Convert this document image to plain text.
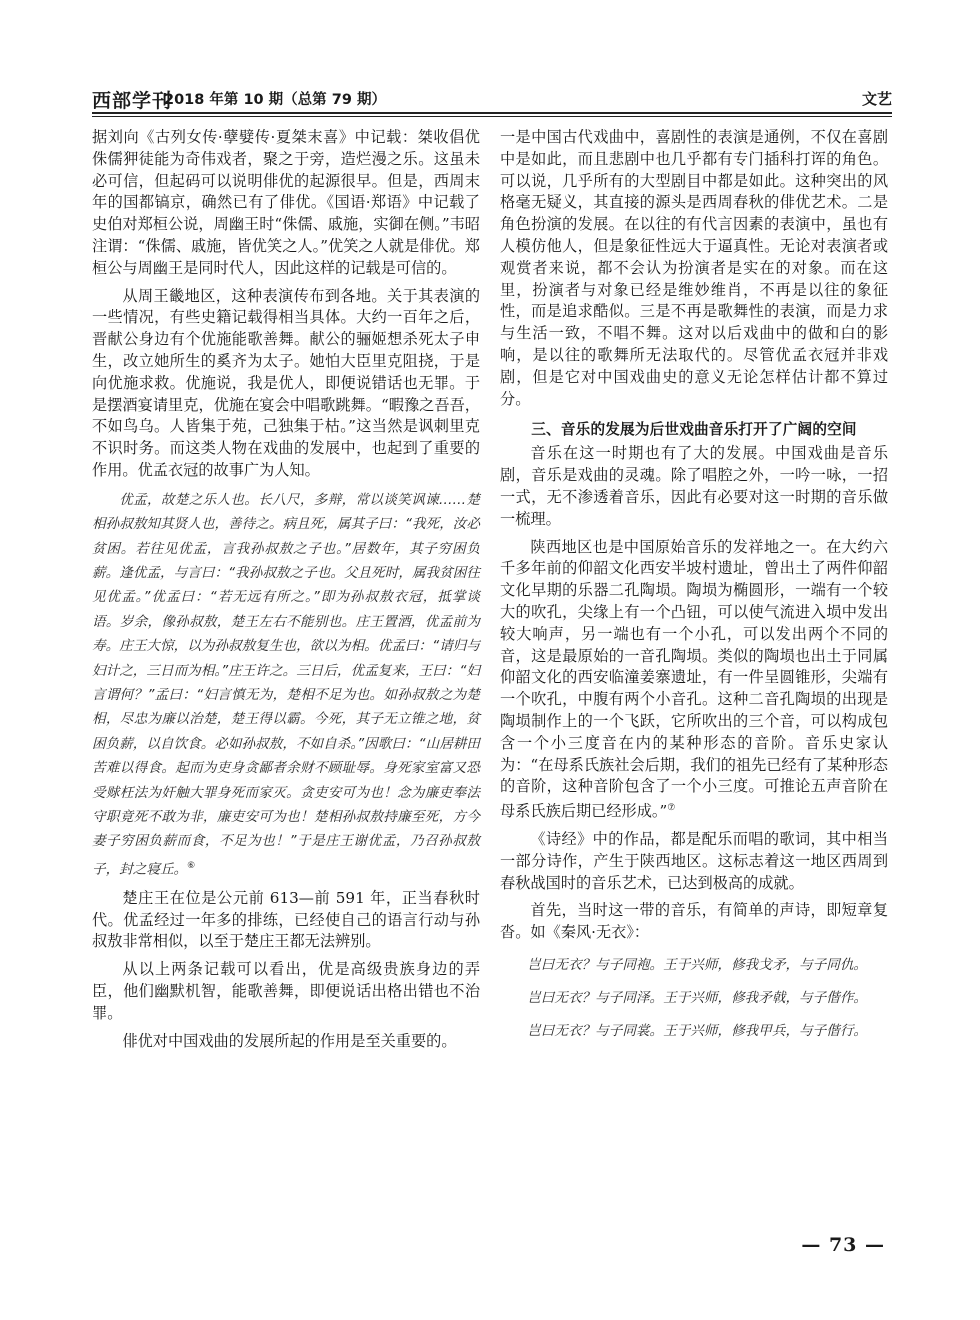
西部学刊
2018 年第 10 期（总第 79 期）	文艺

据刘向《古列女传·孽嬖传·夏桀末喜》中记载：桀收倡优侏儒狎徒能为奇伟戏者，聚之于旁，造烂漫之乐。这虽未必可信，但起码可以说明俳优的起源很早。但是，西周末年的国都镐京，确然已有了俳优。《国语·郑语》中记载了史伯对郑桓公说，周幽王时“侏儒、戚施，实御在侧。”韦昭注谓：“侏儒、戚施，皆优笑之人。”优笑之人就是俳优。郑桓公与周幽王是同时代人，因此这样的记载是可信的。

从周王畿地区，这种表演传布到各地。关于其表演的一些情况，有些史籍记载得相当具体。大约一百年之后，晋献公身边有个优施能歌善舞。献公的骊姬想杀死太子申生，改立她所生的奚齐为太子。她怕大臣里克阻挠，于是向优施求救。优施说，我是优人，即便说错话也无罪。于是摆酒宴请里克，优施在宴会中唱歌跳舞。“暇豫之吾吾，不如鸟乌。人皆集于苑，己独集于枯。”这当然是讽刺里克不识时务。而这类人物在戏曲的发展中，也起到了重要的作用。优孟衣冠的故事广为人知。

优孟，故楚之乐人也。长八尺，多辩，常以谈笑讽谏……楚相孙叔敖知其贤人也，善待之。病且死，属其子曰：“我死，汝必贫困。若往见优孟，言我孙叔敖之子也。”居数年，其子穷困负薪。逢优孟，与言曰：“我孙叔敖之子也。父且死时，属我贫困往见优孟。”优孟曰：“若无远有所之。”即为孙叔敖衣冠，抵掌谈语。岁余，像孙叔敖，楚王左右不能别也。庄王置酒，优孟前为寿。庄王大惊，以为孙叔敖复生也，欲以为相。优孟曰：“请归与妇计之，三日而为相。”庄王许之。三日后，优孟复来，王曰：“妇言谓何？”孟曰：“妇言慎无为，楚相不足为也。如孙叔敖之为楚相，尽忠为廉以治楚，楚王得以霸。今死，其子无立锥之地，贫困负薪，以自饮食。必如孙叔敖，不如自杀。”因歌曰：“山居耕田苦难以得食。起而为吏身贪鄙者余财不顾耻辱。身死家室富又恐受赇枉法为奸触大罪身死而家灭。贪吏安可为也！念为廉吏奉法守职竟死不敢为非，廉吏安可为也！楚相孙叔敖持廉至死，方今妻子穷困负薪而食，不足为也！”于是庄王谢优孟，乃召孙叔敖子，封之寝丘。⑥

楚庄王在位是公元前 613—前 591 年，正当春秋时代。优孟经过一年多的排练，已经使自己的语言行动与孙叔敖非常相似，以至于楚庄王都无法辨别。

从以上两条记载可以看出，优是高级贵族身边的弄臣，他们幽默机智，能歌善舞，即便说话出格出错也不治罪。

俳优对中国戏曲的发展所起的作用是至关重要的。

一是中国古代戏曲中，喜剧性的表演是通例，不仅在喜剧中是如此，而且悲剧中也几乎都有专门插科打诨的角色。可以说，几乎所有的大型剧目中都是如此。这种突出的风格毫无疑义，其直接的源头是西周春秋的俳优艺术。二是角色扮演的发展。在以往的有代言因素的表演中，虽也有人模仿他人，但是象征性远大于逼真性。无论对表演者或观赏者来说，都不会认为扮演者是实在的对象。而在这里，扮演者与对象已经是维妙维肖，不再是以往的象征性，而是追求酷似。三是不再是歌舞性的表演，而是力求与生活一致，不唱不舞。这对以后戏曲中的做和白的影响，是以往的歌舞所无法取代的。尽管优孟衣冠并非戏剧，但是它对中国戏曲史的意义无论怎样估计都不算过分。

三、音乐的发展为后世戏曲音乐打开了广阔的空间

音乐在这一时期也有了大的发展。中国戏曲是音乐剧，音乐是戏曲的灵魂。除了唱腔之外，一吟一咏，一招一式，无不渗透着音乐，因此有必要对这一时期的音乐做一梳理。

陕西地区也是中国原始音乐的发祥地之一。在大约六千多年前的仰韶文化西安半坡村遗址，曾出土了两件仰韶文化早期的乐器二孔陶埙。陶埙为椭圆形，一端有一个较大的吹孔，尖缘上有一个凸钮，可以使气流进入埙中发出较大响声，另一端也有一个小孔，可以发出两个不同的音，这是最原始的一音孔陶埙。类似的陶埙也出土于同属仰韶文化的西安临潼姜寨遗址，有一件呈圆锥形，尖端有一个吹孔，中腹有两个小音孔。这种二音孔陶埙的出现是陶埙制作上的一个飞跃，它所吹出的三个音，可以构成包含一个小三度音在内的某种形态的音阶。音乐史家认为：“在母系氏族社会后期，我们的祖先已经有了某种形态的音阶，这种音阶包含了一个小三度。可推论五声音阶在母系氏族后期已经形成。”⑦

《诗经》中的作品，都是配乐而唱的歌词，其中相当一部分诗作，产生于陕西地区。这标志着这一地区西周到春秋战国时的音乐艺术，已达到极高的成就。

首先，当时这一带的音乐，有简单的声诗，即短章复沓。如《秦风·无衣》：

岂曰无衣？与子同袍。王于兴师，修我戈矛，与子同仇。

岂曰无衣？与子同泽。王于兴师，修我矛戟，与子偕作。

岂曰无衣？与子同裳。王于兴师，修我甲兵，与子偕行。

— 73 —
